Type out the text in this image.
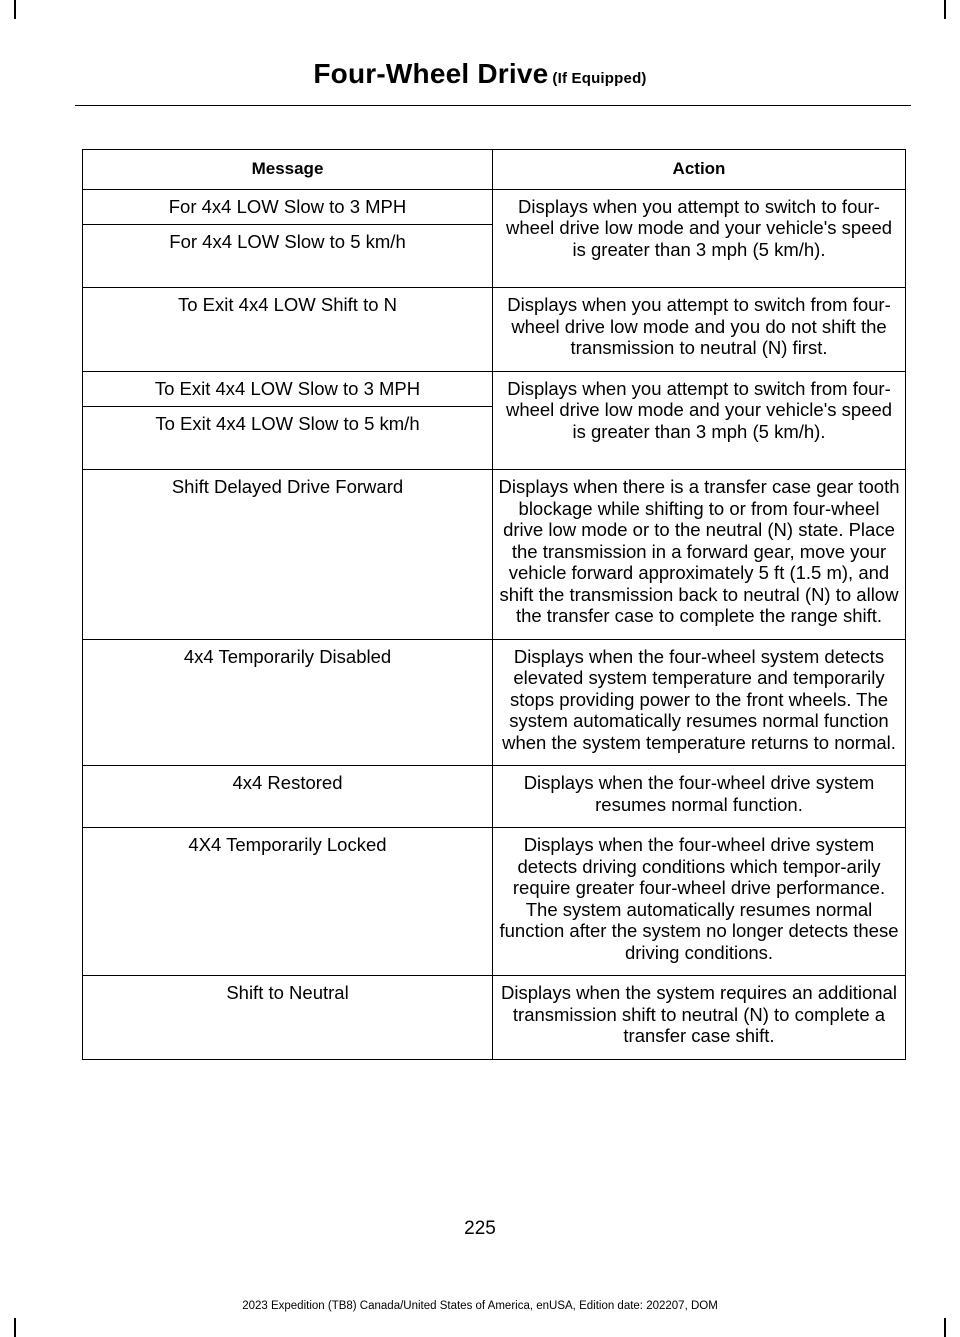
Four-Wheel Drive (If Equipped)
Message	Action
For 4x4 LOW Slow to 3 MPH	Displays when you attempt to switch to four-wheel drive low mode and your vehicle's speed is greater than 3 mph (5 km/h).
For 4x4 LOW Slow to 5 km/h	
To Exit 4x4 LOW Shift to N	Displays when you attempt to switch from four-wheel drive low mode and you do not shift the transmission to neutral (N) first.
To Exit 4x4 LOW Slow to 3 MPH	Displays when you attempt to switch from four-wheel drive low mode and your vehicle's speed is greater than 3 mph (5 km/h).
To Exit 4x4 LOW Slow to 5 km/h	
Shift Delayed Drive Forward	Displays when there is a transfer case gear tooth blockage while shifting to or from four-wheel drive low mode or to the neutral (N) state. Place the transmission in a forward gear, move your vehicle forward approximately 5 ft (1.5 m), and shift the transmission back to neutral (N) to allow the transfer case to complete the range shift.
4x4 Temporarily Disabled	Displays when the four-wheel system detects elevated system temperature and temporarily stops providing power to the front wheels. The system automatically resumes normal function when the system temperature returns to normal.
4x4 Restored	Displays when the four-wheel drive system resumes normal function.
4X4 Temporarily Locked	Displays when the four-wheel drive system detects driving conditions which tempor-arily require greater four-wheel drive performance. The system automatically resumes normal function after the system no longer detects these driving conditions.
Shift to Neutral	Displays when the system requires an additional transmission shift to neutral (N) to complete a transfer case shift.
225
2023 Expedition (TB8) Canada/United States of America, enUSA, Edition date: 202207, DOM
